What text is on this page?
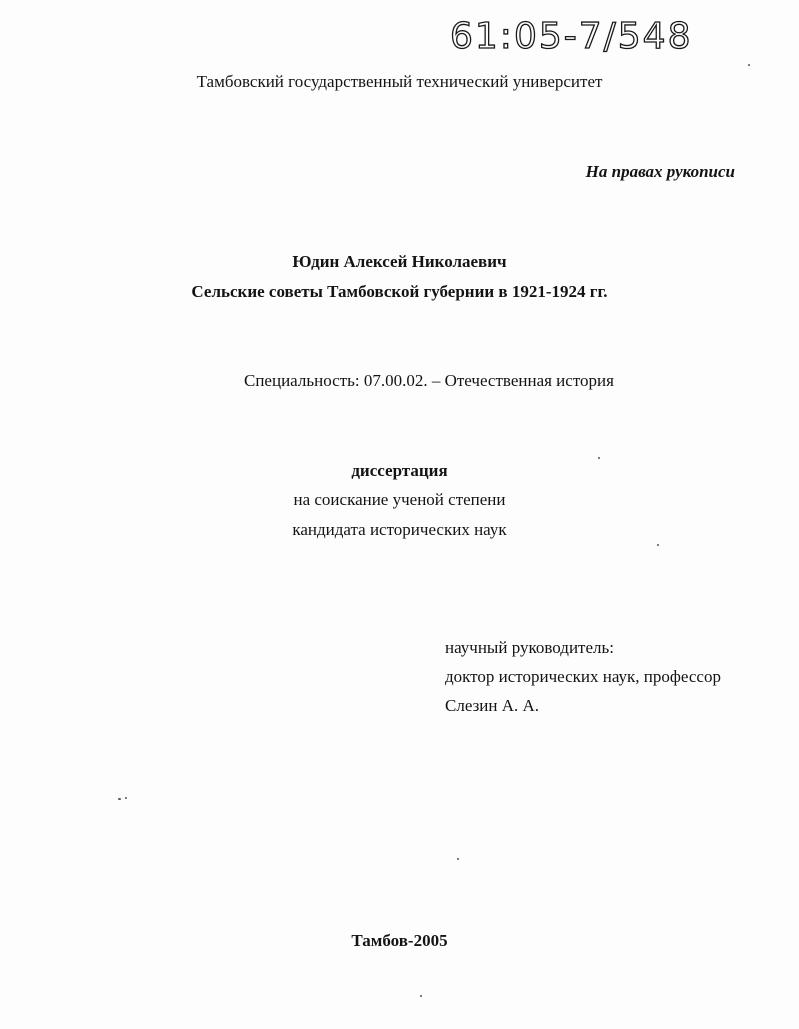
61:05-7/548
Тамбовский государственный технический университет
На правах рукописи
Юдин Алексей Николаевич
Сельские советы Тамбовской губернии в 1921-1924 гг.
Специальность: 07.00.02. – Отечественная история
диссертация
на соискание ученой степени
кандидата исторических наук
научный руководитель:
доктор исторических наук, профессор
Слезин А. А.
Тамбов-2005
